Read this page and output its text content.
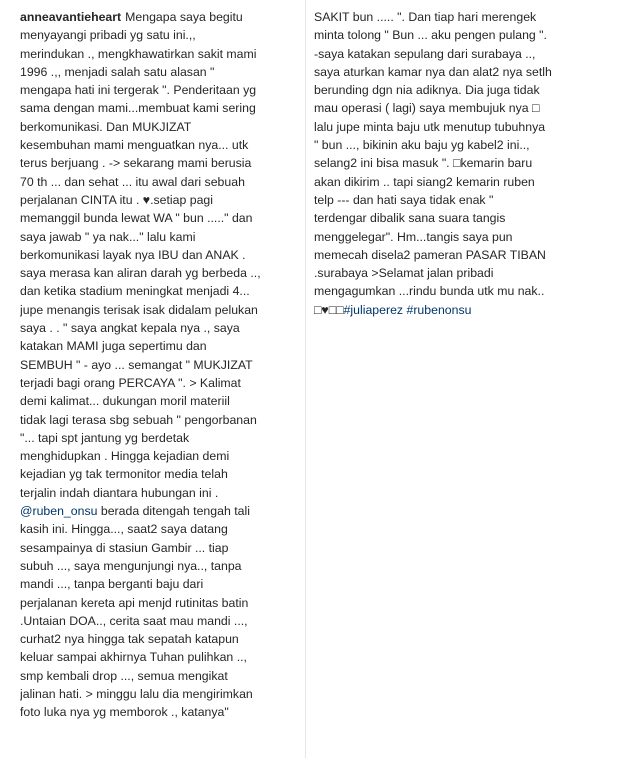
anneavantieheart Mengapa saya begitu
menyayangi pribadi yg satu ini.,,
merindukan ., mengkhawatirkan sakit mami
1996 .,, menjadi salah satu alasan "
mengapa hati ini tergerak ". Penderitaan yg
sama dengan mami...membuat kami sering
berkomunikasi. Dan MUKJIZAT
kesembuhan mami menguatkan nya... utk
terus berjuang . -> sekarang mami berusia
70 th ... dan sehat ... itu awal dari sebuah
perjalanan CINTA itu . ♥.setiap pagi
memanggil bunda lewat WA " bun ....." dan
saya jawab " ya nak..." lalu kami
berkomunikasi layak nya IBU dan ANAK .
saya merasa kan aliran darah yg berbeda ..,
dan ketika stadium meningkat menjadi 4...
jupe menangis terisak isak didalam pelukan
saya . . " saya angkat kepala nya ., saya
katakan MAMI juga sepertimu dan
SEMBUH " - ayo ... semangat " MUKJIZAT
terjadi bagi orang PERCAYA ". > Kalimat
demi kalimat... dukungan moril materiil
tidak lagi terasa sbg sebuah " pengorbanan
"... tapi spt jantung yg berdetak
menghidupkan . Hingga kejadian demi
kejadian yg tak termonitor media telah
terjalin indah diantara hubungan ini .
@ruben_onsu berada ditengah tengah tali
kasih ini. Hingga..., saat2 saya datang
sesampainya di stasiun Gambir ... tiap
subuh ..., saya mengunjungi nya.., tanpa
mandi ..., tanpa berganti baju dari
perjalanan kereta api menjd rutinitas batin
.Untaian DOA.., cerita saat mau mandi ...,
curhat2 nya hingga tak sepatah katapun
keluar sampai akhirnya Tuhan pulihkan ..,
smp kembali drop ..., semua mengikat
jalinan hati. > minggu lalu dia mengirimkan
foto luka nya yg memborok ., katanya"
SAKIT bun ..... ". Dan tiap hari merengek
minta tolong " Bun ... aku pengen pulang ".
-saya katakan sepulang dari surabaya ..,
saya aturkan kamar nya dan alat2 nya setlh
berunding dgn nia adiknya. Dia juga tidak
mau operasi ( lagi) saya membujuk nya □
lalu jupe minta baju utk menutup tubuhnya
" bun ..., bikinin aku baju yg kabel2 ini..,
selang2 ini bisa masuk ". □kemarin baru
akan dikirim .. tapi siang2 kemarin ruben
telp --- dan hati saya tidak enak "
terdengar dibalik sana suara tangis
menggelegar". Hm...tangis saya pun
memecah disela2 pameran PASAR TIBAN
.surabaya >Selamat jalan pribadi
mengagumkan ...rindu bunda utk mu nak..
□♥□□#juliaperez #rubenonsu
